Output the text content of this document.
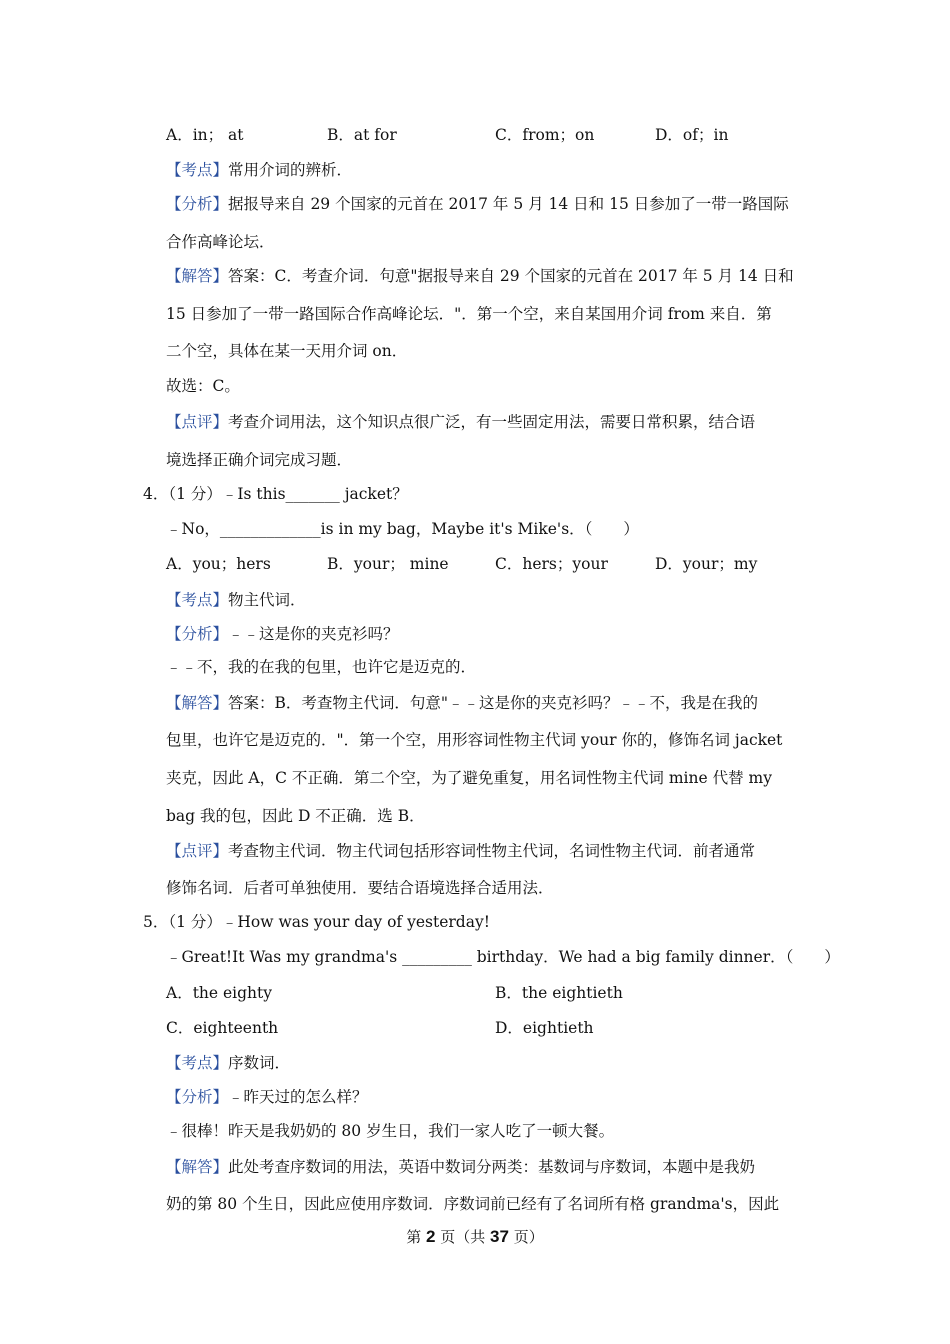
A．in； at	B．at for	C．from；on	D．of；in
【考点】常用介词的辨析．
【分析】据报导来自 29 个国家的元首在 2017 年 5 月 14 日和 15 日参加了一带一路国际
合作高峰论坛．
【解答】答案：C．考查介词．句意"据报导来自 29 个国家的元首在 2017 年 5 月 14 日和
15 日参加了一带一路国际合作高峰论坛．"．第一个空，来自某国用介词 from 来自．第
二个空，具体在某一天用介词 on．
故选：C。
【点评】考查介词用法，这个知识点很广泛，有一些固定用法，需要日常积累，结合语
境选择正确介词完成习题．
4．（1 分）﹣Is this_______ jacket？
﹣No，_____________is in my bag，Maybe it's Mike's．（　　）
A．you；hers	B．your； mine	C．hers；your	D．your；my
【考点】物主代词．
【分析】﹣﹣这是你的夹克衫吗？
﹣﹣不，我的在我的包里，也许它是迈克的．
【解答】答案：B．考查物主代词．句意"﹣﹣这是你的夹克衫吗？﹣﹣不，我是在我的
包里，也许它是迈克的．"．第一个空，用形容词性物主代词 your 你的，修饰名词 jacket
夹克，因此 A，C 不正确．第二个空，为了避免重复，用名词性物主代词 mine 代替 my
bag 我的包，因此 D 不正确．选 B．
【点评】考查物主代词．物主代词包括形容词性物主代词，名词性物主代词．前者通常
修饰名词．后者可单独使用．要结合语境选择合适用法．
5．（1 分）﹣How was your day of yesterday!
﹣Great!It Was my grandma's _________ birthday．We had a big family dinner．（　　）
A．the eighty	B．the eightieth
C．eighteenth	D．eightieth
【考点】序数词．
【分析】﹣昨天过的怎么样？
﹣很棒！昨天是我奶奶的 80 岁生日，我们一家人吃了一顿大餐。
【解答】此处考查序数词的用法，英语中数词分两类：基数词与序数词，本题中是我奶
奶的第 80 个生日，因此应使用序数词．序数词前已经有了名词所有格 grandma's，因此
第 2 页（共 37 页）
